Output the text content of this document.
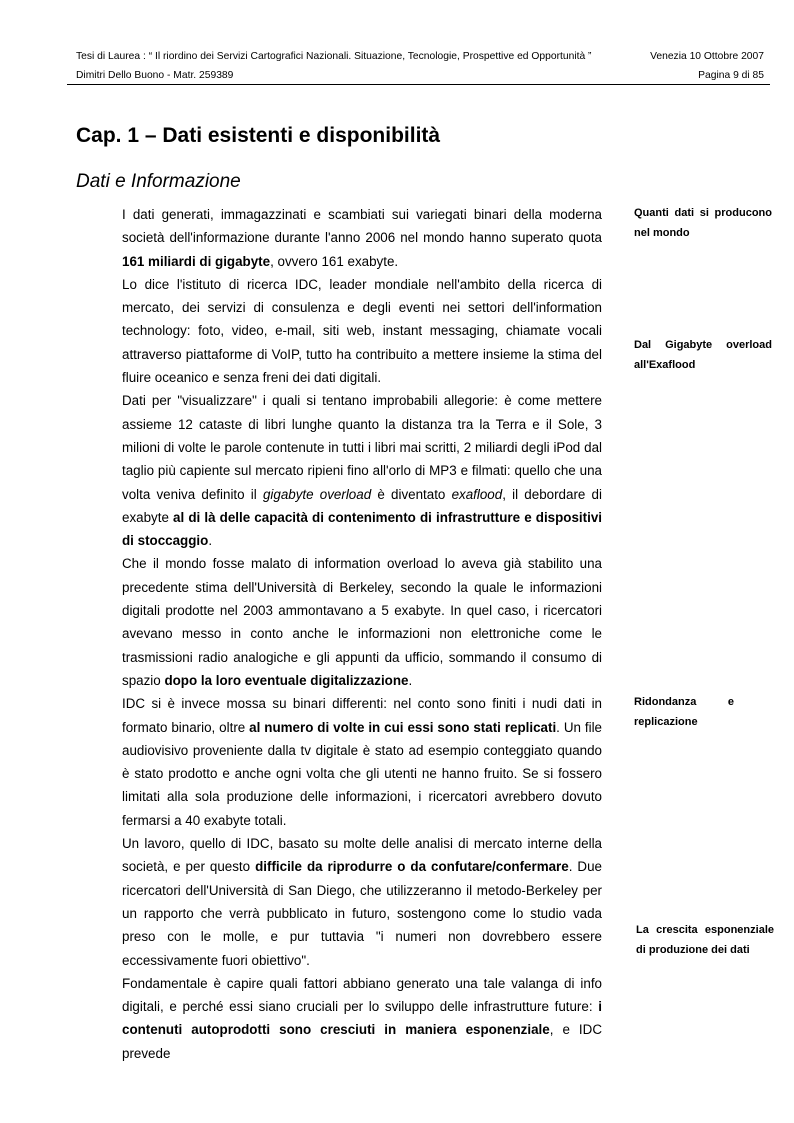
Tesi di Laurea : “ Il riordino dei Servizi Cartografici Nazionali. Situazione, Tecnologie, Prospettive ed Opportunità ”	Venezia 10 Ottobre 2007
Dimitri Dello Buono - Matr. 259389	Pagina 9 di 85
Cap. 1 – Dati esistenti e disponibilità
Dati e Informazione

I dati generati, immagazzinati e scambiati sui variegati binari della moderna società dell'informazione durante l'anno 2006 nel mondo hanno superato quota 161 miliardi di gigabyte, ovvero 161 exabyte.

Lo dice l'istituto di ricerca IDC, leader mondiale nell'ambito della ricerca di mercato, dei servizi di consulenza e degli eventi nei settori dell'information technology: foto, video, e-mail, siti web, instant messaging, chiamate vocali attraverso piattaforme di VoIP, tutto ha contribuito a mettere insieme la stima del fluire oceanico e senza freni dei dati digitali.

Dati per "visualizzare" i quali si tentano improbabili allegorie: è come mettere assieme 12 cataste di libri lunghe quanto la distanza tra la Terra e il Sole, 3 milioni di volte le parole contenute in tutti i libri mai scritti, 2 miliardi degli iPod dal taglio più capiente sul mercato ripieni fino all'orlo di MP3 e filmati: quello che una volta veniva definito il gigabyte overload è diventato exaflood, il debordare di exabyte al di là delle capacità di contenimento di infrastrutture e dispositivi di stoccaggio.

Che il mondo fosse malato di information overload lo aveva già stabilito una precedente stima dell'Università di Berkeley, secondo la quale le informazioni digitali prodotte nel 2003 ammontavano a 5 exabyte. In quel caso, i ricercatori avevano messo in conto anche le informazioni non elettroniche come le trasmissioni radio analogiche e gli appunti da ufficio, sommando il consumo di spazio dopo la loro eventuale digitalizzazione.

IDC si è invece mossa su binari differenti: nel conto sono finiti i nudi dati in formato binario, oltre al numero di volte in cui essi sono stati replicati. Un file audiovisivo proveniente dalla tv digitale è stato ad esempio conteggiato quando è stato prodotto e anche ogni volta che gli utenti ne hanno fruito. Se si fossero limitati alla sola produzione delle informazioni, i ricercatori avrebbero dovuto fermarsi a 40 exabyte totali.

Un lavoro, quello di IDC, basato su molte delle analisi di mercato interne della società, e per questo difficile da riprodurre o da confutare/confermare. Due ricercatori dell'Università di San Diego, che utilizzeranno il metodo-Berkeley per un rapporto che verrà pubblicato in futuro, sostengono come lo studio vada preso con le molle, e pur tuttavia "i numeri non dovrebbero essere eccessivamente fuori obiettivo".

Fondamentale è capire quali fattori abbiano generato una tale valanga di info digitali, e perché essi siano cruciali per lo sviluppo delle infrastrutture future: i contenuti autoprodotti sono cresciuti in maniera esponenziale, e IDC prevede

Quanti dati si producono nel mondo
Dal Gigabyte overload all'Exaflood
Ridondanza e replicazione
La crescita esponenziale di produzione dei dati
